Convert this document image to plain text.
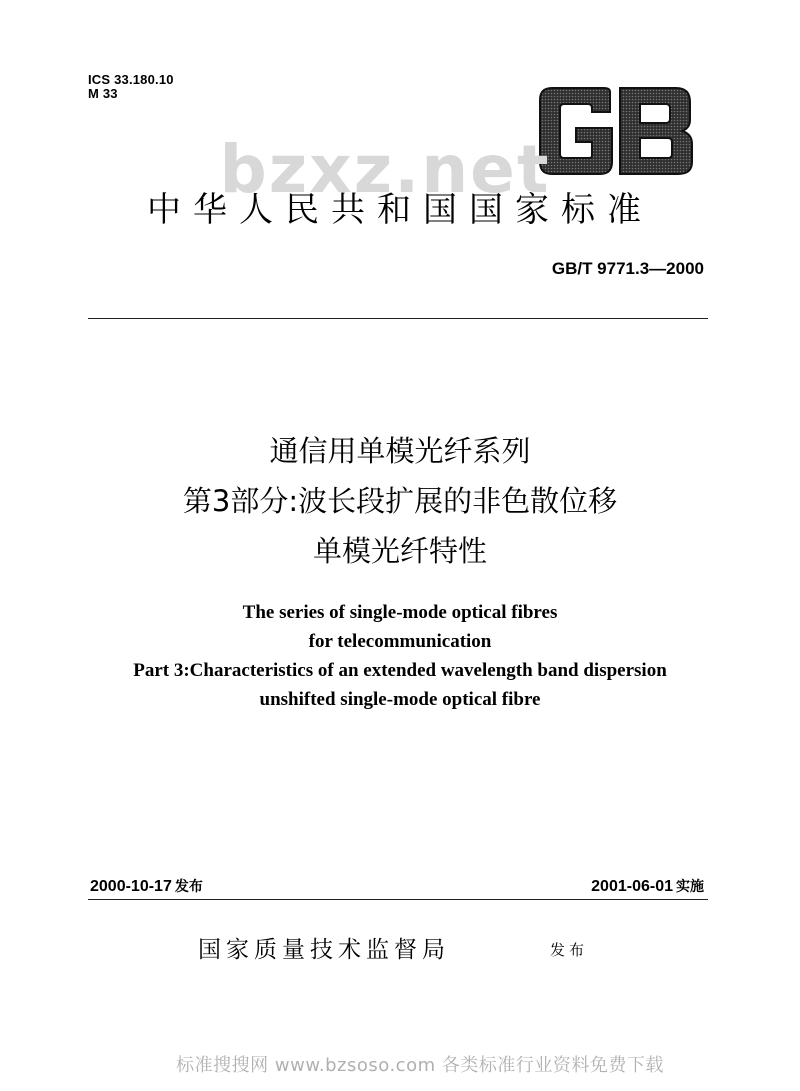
ICS 33.180.10
M 33	GB
bzxz.net
中华人民共和国国家标准
GB/T 9771.3—2000
通信用单模光纤系列
第3部分:波长段扩展的非色散位移
单模光纤特性
The series of single-mode optical fibres
for telecommunication
Part 3:Characteristics of an extended wavelength band dispersion
unshifted single-mode optical fibre
2000-10-17 发布	2001-06-01 实施
国家质量技术监督局	发布
标准搜搜网 www.bzsoso.com 各类标准行业资料免费下载
